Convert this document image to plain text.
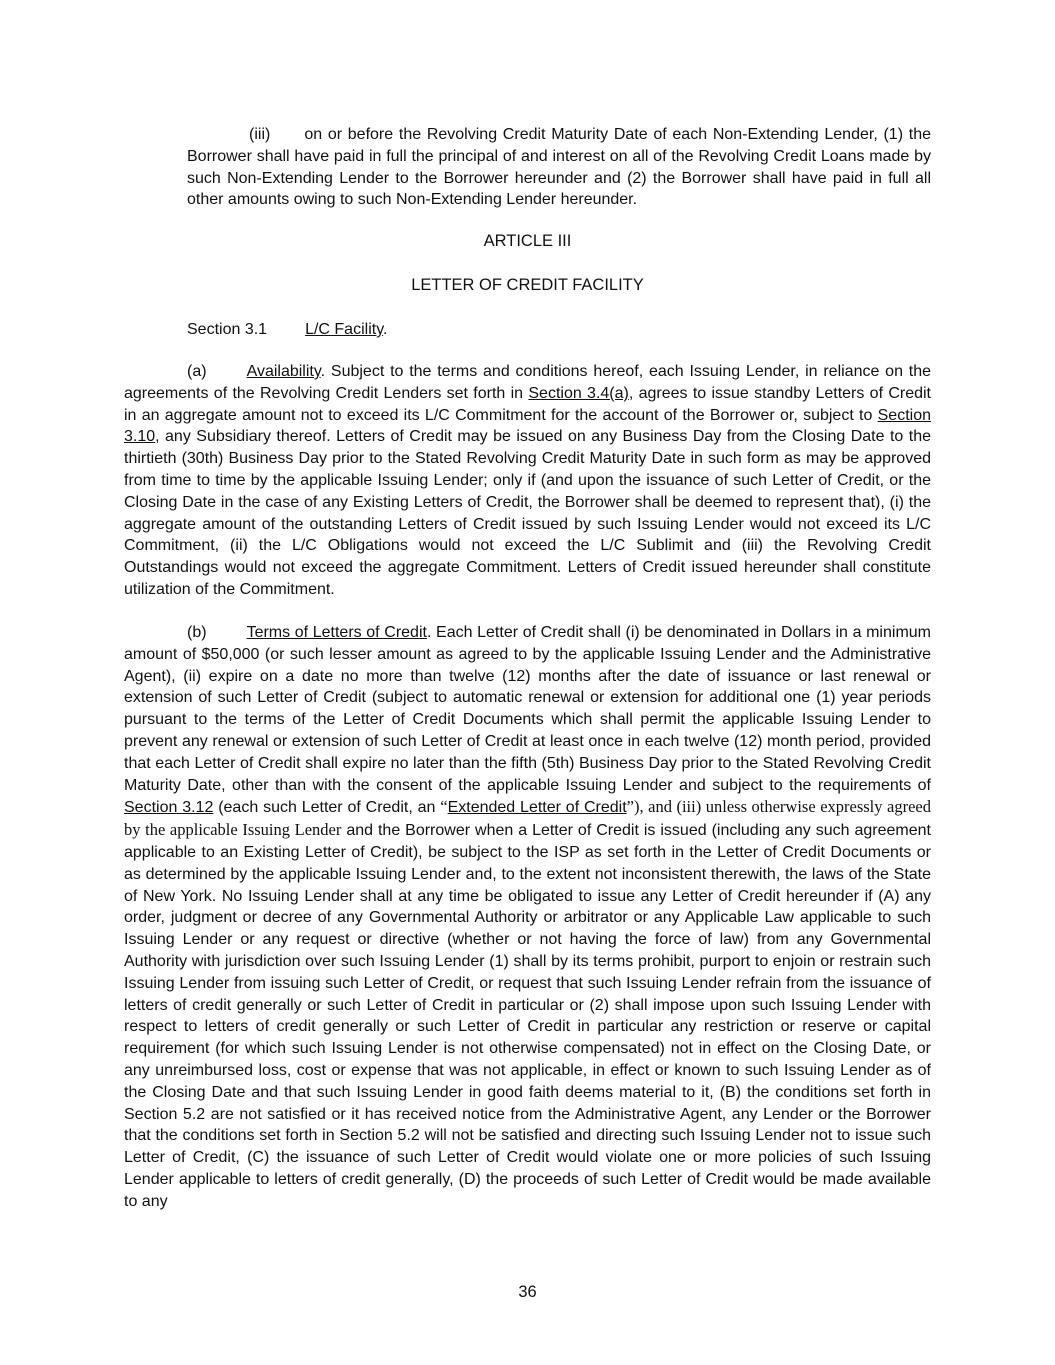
(iii) on or before the Revolving Credit Maturity Date of each Non-Extending Lender, (1) the Borrower shall have paid in full the principal of and interest on all of the Revolving Credit Loans made by such Non-Extending Lender to the Borrower hereunder and (2) the Borrower shall have paid in full all other amounts owing to such Non-Extending Lender hereunder.

ARTICLE III

LETTER OF CREDIT FACILITY

Section 3.1 L/C Facility.

(a)	Availability. Subject to the terms and conditions hereof, each Issuing Lender, in reliance on the agreements of the Revolving Credit Lenders set forth in Section 3.4(a), agrees to issue standby Letters of Credit in an aggregate amount not to exceed its L/C Commitment for the account of the Borrower or, subject to Section 3.10, any Subsidiary thereof. Letters of Credit may be issued on any Business Day from the Closing Date to the thirtieth (30th) Business Day prior to the Stated Revolving Credit Maturity Date in such form as may be approved from time to time by the applicable Issuing Lender; only if (and upon the issuance of such Letter of Credit, or the Closing Date in the case of any Existing Letters of Credit, the Borrower shall be deemed to represent that), (i) the aggregate amount of the outstanding Letters of Credit issued by such Issuing Lender would not exceed its L/C Commitment, (ii) the L/C Obligations would not exceed the L/C Sublimit and (iii) the Revolving Credit Outstandings would not exceed the aggregate Commitment. Letters of Credit issued hereunder shall constitute utilization of the Commitment.

(b)	Terms of Letters of Credit. Each Letter of Credit shall (i) be denominated in Dollars in a minimum amount of $50,000 (or such lesser amount as agreed to by the applicable Issuing Lender and the Administrative Agent), (ii) expire on a date no more than twelve (12) months after the date of issuance or last renewal or extension of such Letter of Credit (subject to automatic renewal or extension for additional one (1) year periods pursuant to the terms of the Letter of Credit Documents which shall permit the applicable Issuing Lender to prevent any renewal or extension of such Letter of Credit at least once in each twelve (12) month period, provided that each Letter of Credit shall expire no later than the fifth (5th) Business Day prior to the Stated Revolving Credit Maturity Date, other than with the consent of the applicable Issuing Lender and subject to the requirements of Section 3.12 (each such Letter of Credit, an “Extended Letter of Credit”), and (iii) unless otherwise expressly agreed by the applicable Issuing Lender and the Borrower when a Letter of Credit is issued (including any such agreement applicable to an Existing Letter of Credit), be subject to the ISP as set forth in the Letter of Credit Documents or as determined by the applicable Issuing Lender and, to the extent not inconsistent therewith, the laws of the State of New York. No Issuing Lender shall at any time be obligated to issue any Letter of Credit hereunder if (A) any order, judgment or decree of any Governmental Authority or arbitrator or any Applicable Law applicable to such Issuing Lender or any request or directive (whether or not having the force of law) from any Governmental Authority with jurisdiction over such Issuing Lender (1) shall by its terms prohibit, purport to enjoin or restrain such Issuing Lender from issuing such Letter of Credit, or request that such Issuing Lender refrain from the issuance of letters of credit generally or such Letter of Credit in particular or (2) shall impose upon such Issuing Lender with respect to letters of credit generally or such Letter of Credit in particular any restriction or reserve or capital requirement (for which such Issuing Lender is not otherwise compensated) not in effect on the Closing Date, or any unreimbursed loss, cost or expense that was not applicable, in effect or known to such Issuing Lender as of the Closing Date and that such Issuing Lender in good faith deems material to it, (B) the conditions set forth in Section 5.2 are not satisfied or it has received notice from the Administrative Agent, any Lender or the Borrower that the conditions set forth in Section 5.2 will not be satisfied and directing such Issuing Lender not to issue such Letter of Credit, (C) the issuance of such Letter of Credit would violate one or more policies of such Issuing Lender applicable to letters of credit generally, (D) the proceeds of such Letter of Credit would be made available to any

36
